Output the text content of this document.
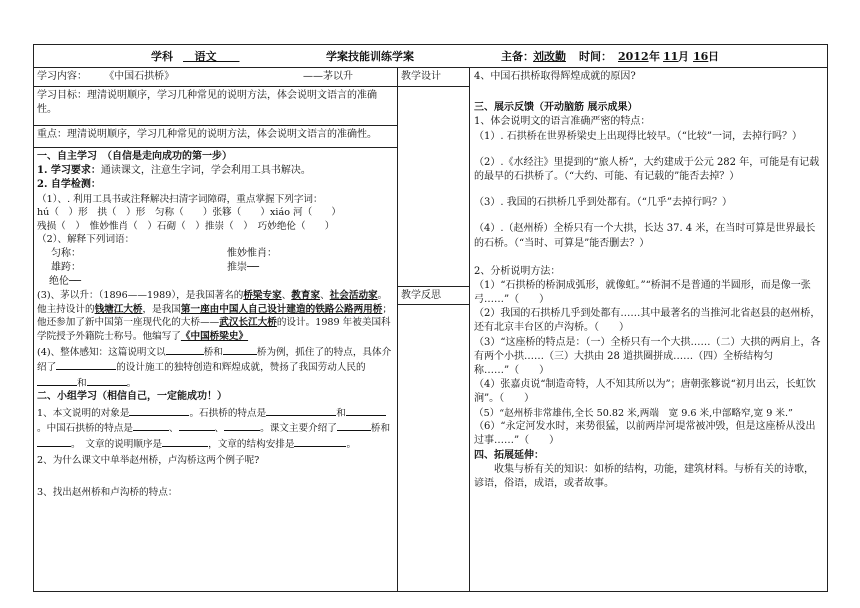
学科	语文	学案技能训练学案	主备： 刘改勤 时间： 2012 年 11 月 16 日
学习内容： 《中国石拱桥》	——茅以升

学习目标：理清说明顺序，学习几种常见的说明方法，体会说明文语言的准确性。

重点：理清说明顺序，学习几种常见的说明方法，体会说明文语言的准确性。

一、自主学习　（自信是走向成功的第一步）

1. 学习要求：通读课文，注意生字词，学会利用工具书解决。

2. 自学检测：

（1）、. 利用工具书或注释解决扫清字词障碍，重点掌握下列字词：

hú（　）形　拱（　）形　匀称（　　）张簃（　　）xiáo 河（　　）

残损（　）　惟妙惟肖（　）石砌（　）推崇（　）　巧妙绝伦（　　）

（2）、解释下列词语：

匀称：	惟妙惟肖：
雄跨：	推崇──

绝伦──

(3)、茅以升：（1896——1989），是我国著名的桥梁专家、教育家、社会活动家。他主持设计的钱塘江大桥，是我国第一座由中国人自己设计建造的铁路公路两用桥；他还参加了新中国第一座现代化的大桥——武汉长江大桥的设计。1989 年被美国科学院授予外籍院士称号。他编写了《中国桥梁史》

(4)、整体感知：这篇说明文以	桥和	桥为例，抓住了的特点，具体介绍了	的设计施工的独特创造和辉煌成就，赞扬了我国劳动人民的和	。

二、小组学习（相信自己，一定能成功！）

1、本文说明的对象是	。石拱桥的特点是	和。中国石拱桥的特点是	、	、	。课文主要介绍了	桥和。　文章的说明顺序是	，文章的结构安排是	。

2、为什么课文中单举赵州桥，卢沟桥这两个例子呢?

3、找出赵州桥和卢沟桥的特点：

教学设计
教学反思

4、中国石拱桥取得辉煌成就的原因?

三、展示反馈（开动脑筋 展示成果）

1、体会说明文的语言准确严密的特点：

（1）. 石拱桥在世界桥梁史上出现得比较早。（“比较”一词，去掉行吗？）

（2）.《水经注》里提到的“旅人桥”，大约建成于公元 282 年，可能是有记载的最早的石拱桥了。（“大约、可能、有记载的”能否去掉？）

（3）. 我国的石拱桥几乎到处都有。（“几乎”去掉行吗？）

（4）.（赵州桥）全桥只有一个大拱，长达 37. 4 米，在当时可算是世界最长的石桥。（“当时、可算是”能否删去？）

2、分析说明方法：

（1）“石拱桥的桥洞成弧形，就像虹。”“桥洞不是普通的半圆形，而是像一张弓……”（　　）

（2）我国的石拱桥几乎到处都有……其中最著名的当推河北省赵县的赵州桥，还有北京丰台区的卢沟桥。（　　）

（3）“这座桥的特点是：（一）全桥只有一个大拱……（二）大拱的两肩上，各有两个小拱……（三）大拱由 28 道拱圈拼成……（四）全桥结构匀称……”（　　）

（4）张嘉贞说“制造奇特，人不知其所以为”；唐朝张簃说“初月出云，长虹饮涧”。（　　）

（5）“赵州桥非常雄伟,全长 50.82 米,两端　宽 9.6 米,中部略窄,宽 9 米.”

（6）“永定河发水时，来势很猛，以前两岸河堤常被冲毁，但是这座桥从没出过事……”（　　）

四、拓展延伸：

收集与桥有关的知识：如桥的结构，功能，建筑材料。与桥有关的诗歌，谚语，俗语，成语，或者故事。
